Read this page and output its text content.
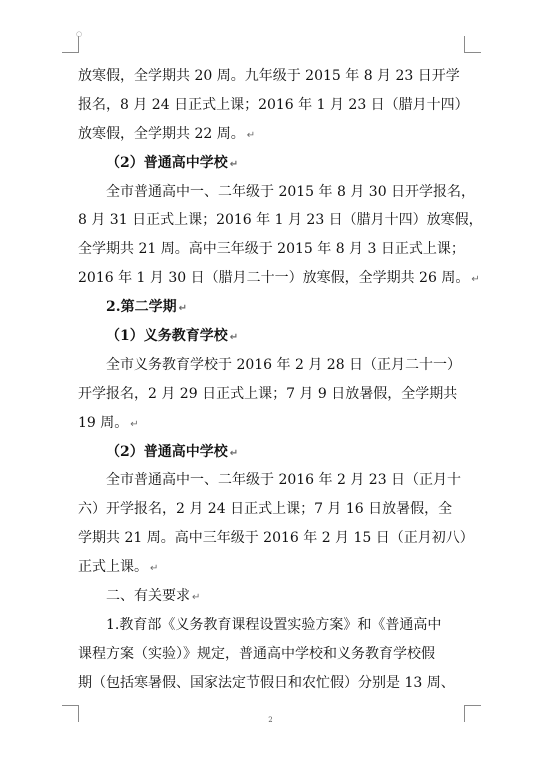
○
放寒假，全学期共 20 周。九年级于 2015 年 8 月 23 日开学
报名，8 月 24 日正式上课；2016 年 1 月 23 日（腊月十四）
放寒假，全学期共 22 周。 ↵
（2）普通高中学校 ↵
全市普通高中一、二年级于 2015 年 8 月 30 日开学报名，
8 月 31 日正式上课；2016 年 1 月 23 日（腊月十四）放寒假，
全学期共 21 周。高中三年级于 2015 年 8 月 3 日正式上课；
2016 年 1 月 30 日（腊月二十一）放寒假，全学期共 26 周。 ↵
2.第二学期 ↵
（1）义务教育学校 ↵
全市义务教育学校于 2016 年 2 月 28 日（正月二十一）
开学报名，2 月 29 日正式上课；7 月 9 日放暑假，全学期共
19 周。 ↵
（2）普通高中学校 ↵
全市普通高中一、二年级于 2016 年 2 月 23 日（正月十
六）开学报名，2 月 24 日正式上课；7 月 16 日放暑假，全
学期共 21 周。高中三年级于 2016 年 2 月 15 日（正月初八）
正式上课。 ↵
二、有关要求 ↵
1.教育部《义务教育课程设置实验方案》和《普通高中
课程方案（实验）》规定，普通高中学校和义务教育学校假
期（包括寒暑假、国家法定节假日和农忙假）分别是 13 周、
2
